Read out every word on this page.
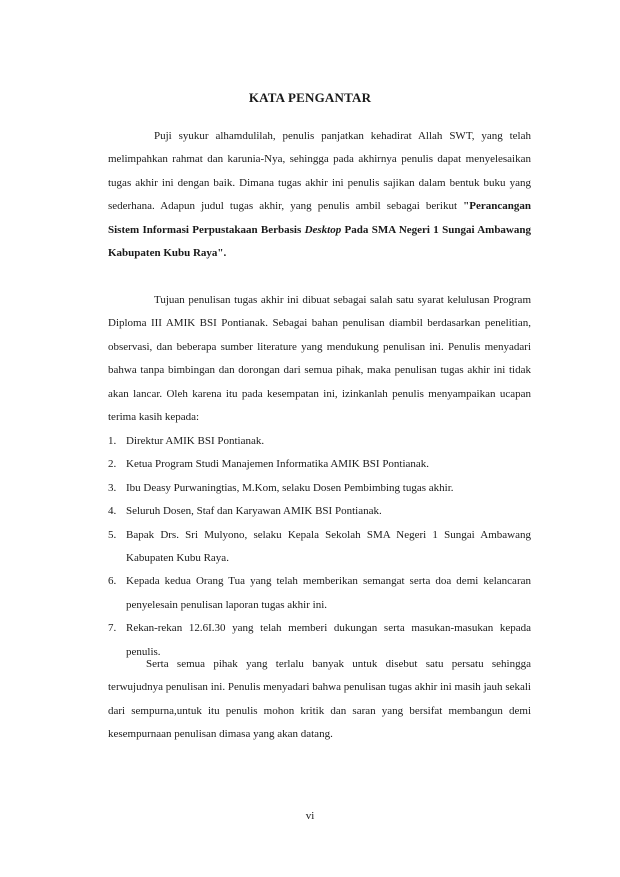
KATA PENGANTAR

Puji syukur alhamdulilah, penulis panjatkan kehadirat Allah SWT, yang telah melimpahkan rahmat dan karunia-Nya, sehingga pada akhirnya penulis dapat menyelesaikan tugas akhir ini dengan baik. Dimana tugas akhir ini penulis sajikan dalam bentuk buku yang sederhana. Adapun judul tugas akhir, yang penulis ambil sebagai berikut "Perancangan Sistem Informasi Perpustakaan Berbasis Desktop Pada SMA Negeri 1 Sungai Ambawang Kabupaten Kubu Raya".

Tujuan penulisan tugas akhir ini dibuat sebagai salah satu syarat kelulusan Program Diploma III AMIK BSI Pontianak. Sebagai bahan penulisan diambil berdasarkan penelitian, observasi, dan beberapa sumber literature yang mendukung penulisan ini. Penulis menyadari bahwa tanpa bimbingan dan dorongan dari semua pihak, maka penulisan tugas akhir ini tidak akan lancar. Oleh karena itu pada kesempatan ini, izinkanlah penulis menyampaikan ucapan terima kasih kepada:

1. Direktur AMIK BSI Pontianak.
2. Ketua Program Studi Manajemen Informatika AMIK BSI Pontianak.
3. Ibu Deasy Purwaningtias, M.Kom, selaku Dosen Pembimbing tugas akhir.
4. Seluruh Dosen, Staf dan Karyawan AMIK BSI Pontianak.
5. Bapak Drs. Sri Mulyono, selaku Kepala Sekolah SMA Negeri 1 Sungai Ambawang Kabupaten Kubu Raya.
6. Kepada kedua Orang Tua yang telah memberikan semangat serta doa demi kelancaran penyelesain penulisan laporan tugas akhir ini.
7. Rekan-rekan 12.6I.30 yang telah memberi dukungan serta masukan-masukan kepada penulis.

Serta semua pihak yang terlalu banyak untuk disebut satu persatu sehingga terwujudnya penulisan ini. Penulis menyadari bahwa penulisan tugas akhir ini masih jauh sekali dari sempurna,untuk itu penulis mohon kritik dan saran yang bersifat membangun demi kesempurnaan penulisan dimasa yang akan datang.

vi
